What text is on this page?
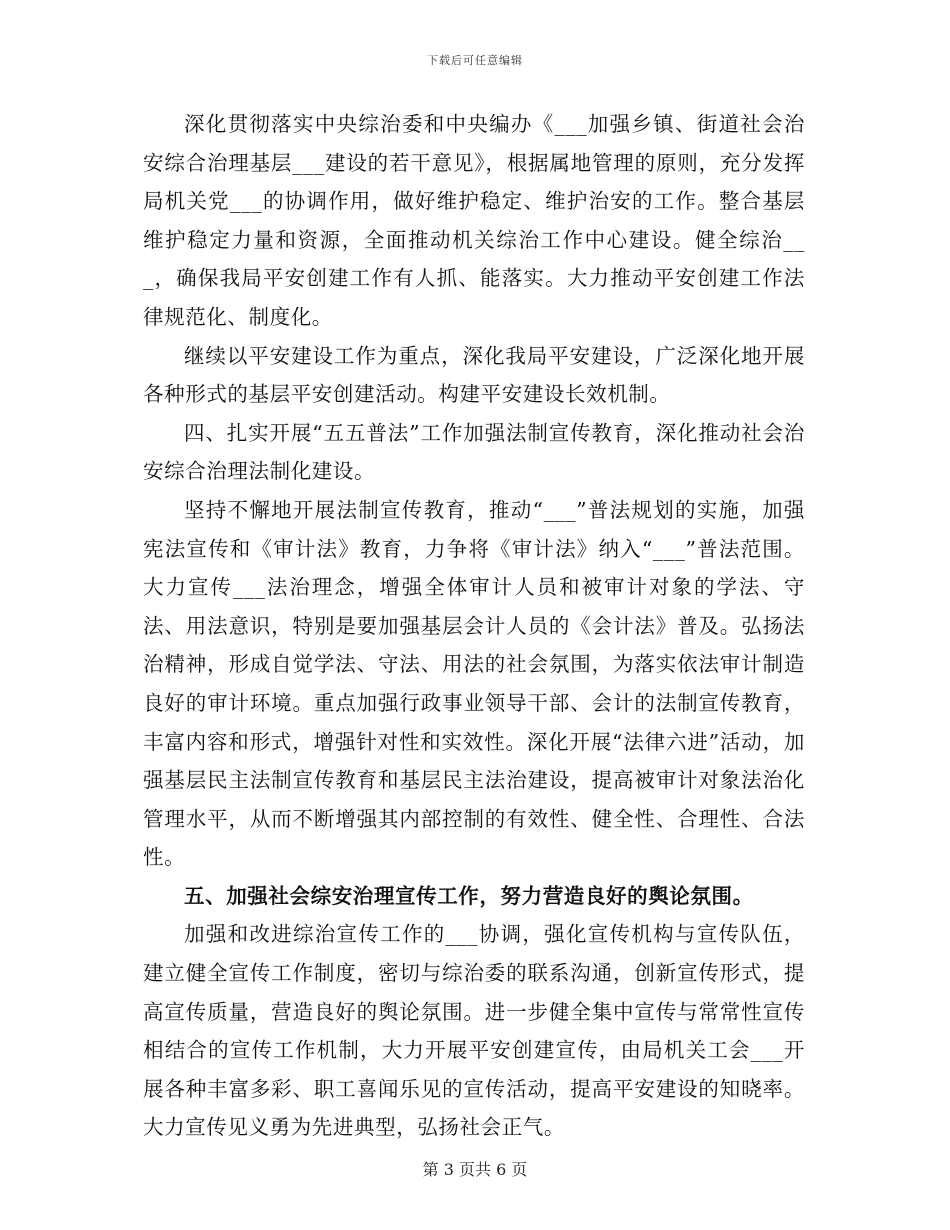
下载后可任意编辑

深化贯彻落实中央综治委和中央编办《___加强乡镇、街道社会治安综合治理基层___建设的若干意见》，根据属地管理的原则，充分发挥局机关党___的协调作用，做好维护稳定、维护治安的工作。整合基层维护稳定力量和资源，全面推动机关综治工作中心建设。健全综治___，确保我局平安创建工作有人抓、能落实。大力推动平安创建工作法律规范化、制度化。

继续以平安建设工作为重点，深化我局平安建设，广泛深化地开展各种形式的基层平安创建活动。构建平安建设长效机制。

四、扎实开展“五五普法”工作加强法制宣传教育，深化推动社会治安综合治理法制化建设。

坚持不懈地开展法制宣传教育，推动“___”普法规划的实施，加强宪法宣传和《审计法》教育，力争将《审计法》纳入“___”普法范围。大力宣传___法治理念，增强全体审计人员和被审计对象的学法、守法、用法意识，特别是要加强基层会计人员的《会计法》普及。弘扬法治精神，形成自觉学法、守法、用法的社会氛围，为落实依法审计制造良好的审计环境。重点加强行政事业领导干部、会计的法制宣传教育，丰富内容和形式，增强针对性和实效性。深化开展“法律六进”活动，加强基层民主法制宣传教育和基层民主法治建设，提高被审计对象法治化管理水平，从而不断增强其内部控制的有效性、健全性、合理性、合法性。

五、加强社会综安治理宣传工作，努力营造良好的舆论氛围。

加强和改进综治宣传工作的___协调，强化宣传机构与宣传队伍，建立健全宣传工作制度，密切与综治委的联系沟通，创新宣传形式，提高宣传质量，营造良好的舆论氛围。进一步健全集中宣传与常常性宣传相结合的宣传工作机制，大力开展平安创建宣传，由局机关工会___开展各种丰富多彩、职工喜闻乐见的宣传活动，提高平安建设的知晓率。大力宣传见义勇为先进典型，弘扬社会正气。

第 3 页共 6 页
